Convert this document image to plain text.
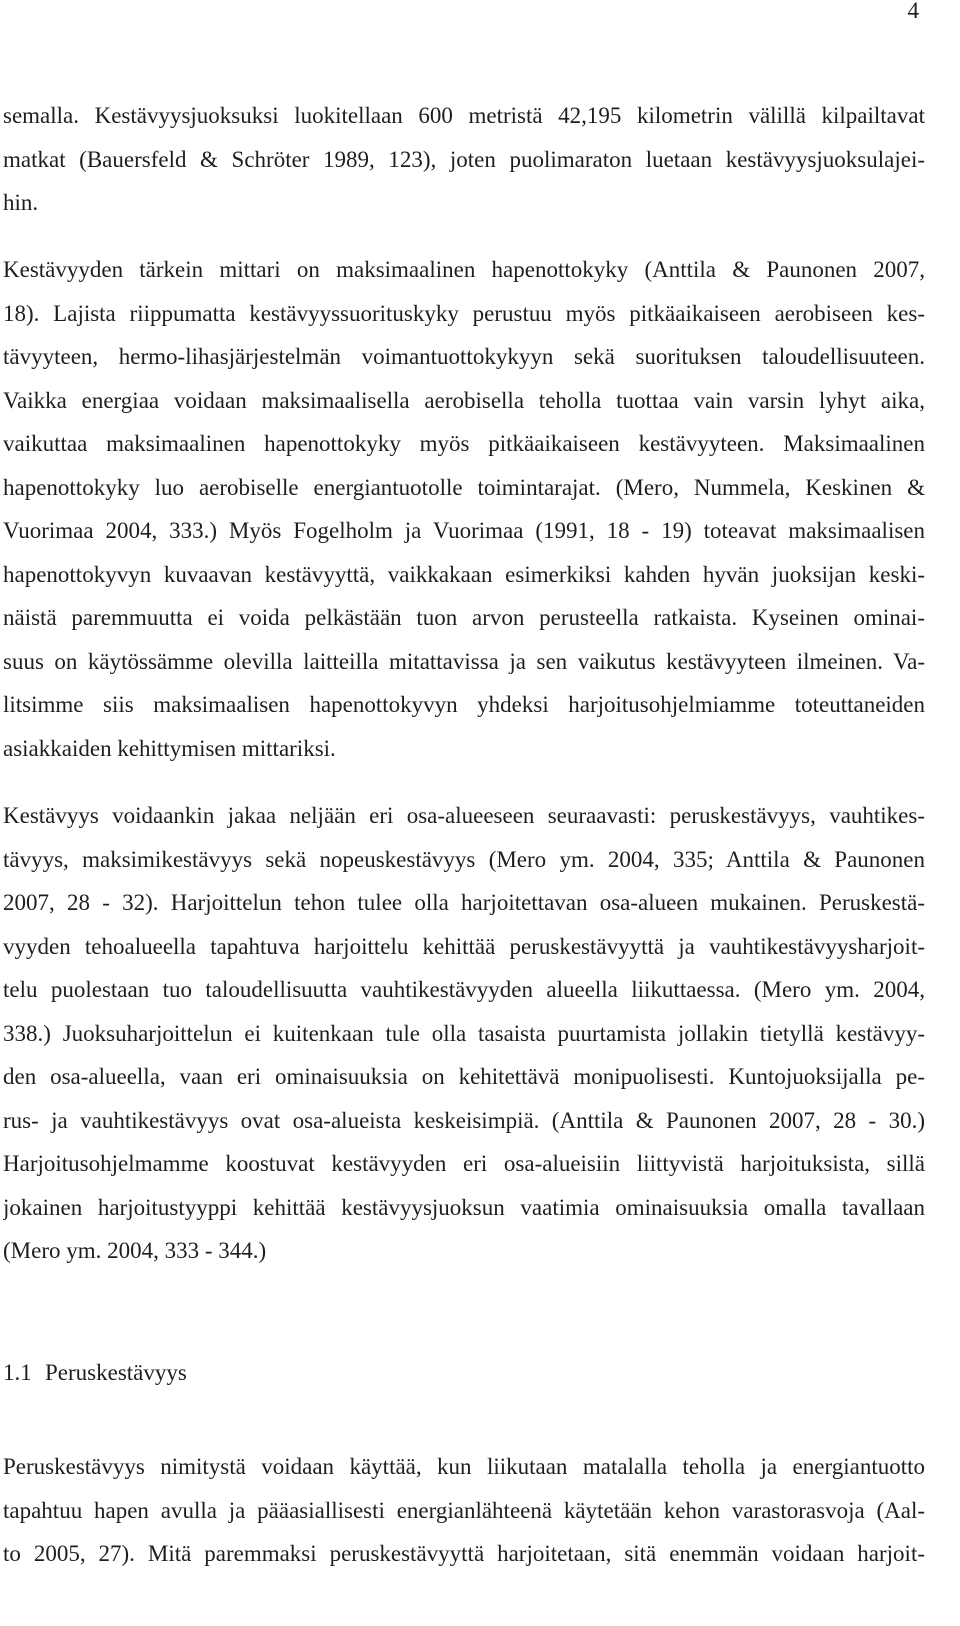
4
semalla. Kestävyysjuoksuksi luokitellaan 600 metristä 42,195 kilometrin välillä kilpailtavat
matkat (Bauersfeld & Schröter 1989, 123), joten puolimaraton luetaan kestävyysjuoksulajei-
hin.
Kestävyyden tärkein mittari on maksimaalinen hapenottokyky (Anttila & Paunonen 2007,
18). Lajista riippumatta kestävyyssuorituskyky perustuu myös pitkäaikaiseen aerobiseen kes-
tävyyteen, hermo-lihasjärjestelmän voimantuottokykyyn sekä suorituksen taloudellisuuteen.
Vaikka energiaa voidaan maksimaalisella aerobisella teholla tuottaa vain varsin lyhyt aika,
vaikuttaa maksimaalinen hapenottokyky myös pitkäaikaiseen kestävyyteen. Maksimaalinen
hapenottokyky luo aerobiselle energiantuotolle toimintarajat. (Mero, Nummela, Keskinen &
Vuorimaa 2004, 333.) Myös Fogelholm ja Vuorimaa (1991, 18 - 19) toteavat maksimaalisen
hapenottokyvyn kuvaavan kestävyyttä, vaikkakaan esimerkiksi kahden hyvän juoksijan keski-
näistä paremmuutta ei voida pelkästään tuon arvon perusteella ratkaista. Kyseinen ominai-
suus on käytössämme olevilla laitteilla mitattavissa ja sen vaikutus kestävyyteen ilmeinen. Va-
litsimme siis maksimaalisen hapenottokyvyn yhdeksi harjoitusohjelmiamme toteuttaneiden
asiakkaiden kehittymisen mittariksi.
Kestävyys voidaankin jakaa neljään eri osa-alueeseen seuraavasti: peruskestävyys, vauhtikes-
tävyys, maksimikestävyys sekä nopeuskestävyys (Mero ym. 2004, 335; Anttila & Paunonen
2007, 28 - 32). Harjoittelun tehon tulee olla harjoitettavan osa-alueen mukainen. Peruskestä-
vyyden tehoalueella tapahtuva harjoittelu kehittää peruskestävyyttä ja vauhtikestävyysharjoit-
telu puolestaan tuo taloudellisuutta vauhtikestävyyden alueella liikuttaessa. (Mero ym. 2004,
338.) Juoksuharjoittelun ei kuitenkaan tule olla tasaista puurtamista jollakin tietyllä kestävyy-
den osa-alueella, vaan eri ominaisuuksia on kehitettävä monipuolisesti. Kuntojuoksijalla pe-
rus- ja vauhtikestävyys ovat osa-alueista keskeisimpiä. (Anttila & Paunonen 2007, 28 - 30.)
Harjoitusohjelmamme koostuvat kestävyyden eri osa-alueisiin liittyvistä harjoituksista, sillä
jokainen harjoitustyyppi kehittää kestävyysjuoksun vaatimia ominaisuuksia omalla tavallaan
(Mero ym. 2004, 333 - 344.)
1.1 Peruskestävyys
Peruskestävyys nimitystä voidaan käyttää, kun liikutaan matalalla teholla ja energiantuotto
tapahtuu hapen avulla ja pääasiallisesti energianlähteenä käytetään kehon varastorasvoja (Aal-
to 2005, 27). Mitä paremmaksi peruskestävyyttä harjoitetaan, sitä enemmän voidaan harjoit-
